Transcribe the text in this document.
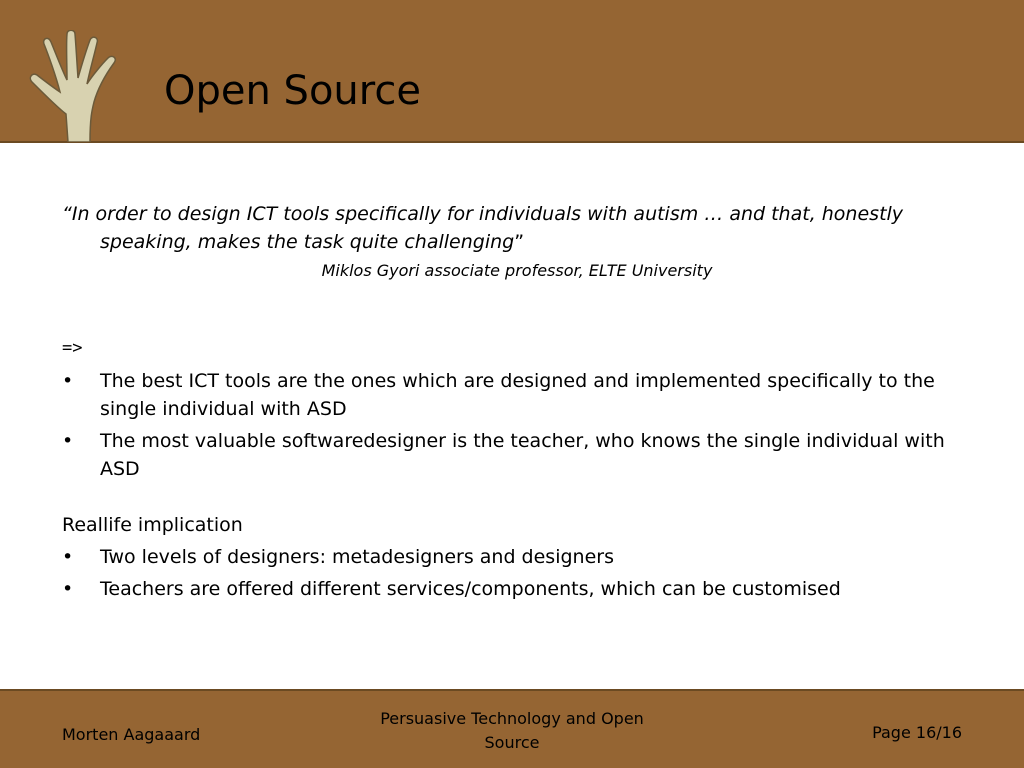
Open Source

“In order to design ICT tools specifically for individuals with autism … and that, honestly speaking, makes the task quite challenging”

Miklos Gyori associate professor, ELTE University

=>
• The best ICT tools are the ones which are designed and implemented specifically to the single individual with ASD
• The most valuable softwaredesigner is the teacher, who knows the single individual with ASD
Reallife implication
• Two levels of designers: metadesigners and designers
• Teachers are offered different services/components, which can be customised
Morten Aagaaard
Persuasive Technology and Open Source
Page 16/16
